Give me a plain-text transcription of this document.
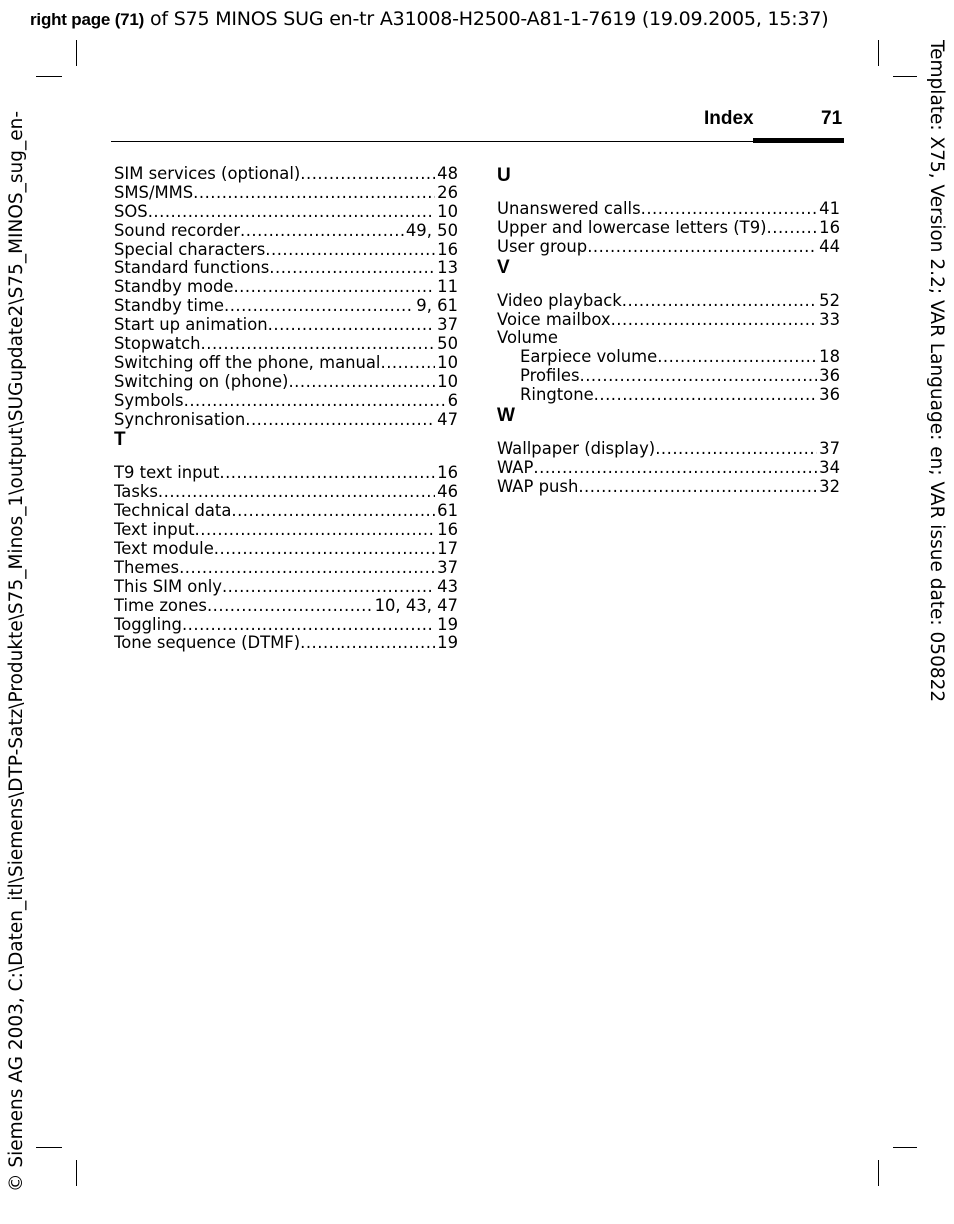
right page (71) of S75 MINOS SUG en-tr A31008-H2500-A81-1-7619 (19.09.2005, 15:37)
© Siemens AG 2003, C:\Daten_itl\Siemens\DTP-Satz\Produkte\S75_Minos_1\output\SUGupdate2\S75_MINOS_sug_en-	Template: X75, Version 2.2; VAR Language: en; VAR issue date: 050822
Index	71
SIM services (optional) .....	48
SMS/MMS .....	26
SOS .....	10
Sound recorder .....	49, 50
Special characters .....	16
Standard functions .....	13
Standby mode .....	11
Standby time .....	9, 61
Start up animation .....	37
Stopwatch .....	50
Switching off the phone, manual .....	10
Switching on (phone) .....	10
Symbols .....	6
Synchronisation .....	47
T
T9 text input .....	16
Tasks .....	46
Technical data .....	61
Text input .....	16
Text module .....	17
Themes .....	37
This SIM only .....	43
Time zones .....	10, 43, 47
Toggling .....	19
Tone sequence (DTMF) .....	19
U
Unanswered calls .....	41
Upper and lowercase letters (T9) .....	16
User group .....	44
V
Video playback .....	52
Voice mailbox .....	33
Volume
Earpiece volume .....	18
Profiles .....	36
Ringtone .....	36
W
Wallpaper (display) .....	37
WAP .....	34
WAP push .....	32
